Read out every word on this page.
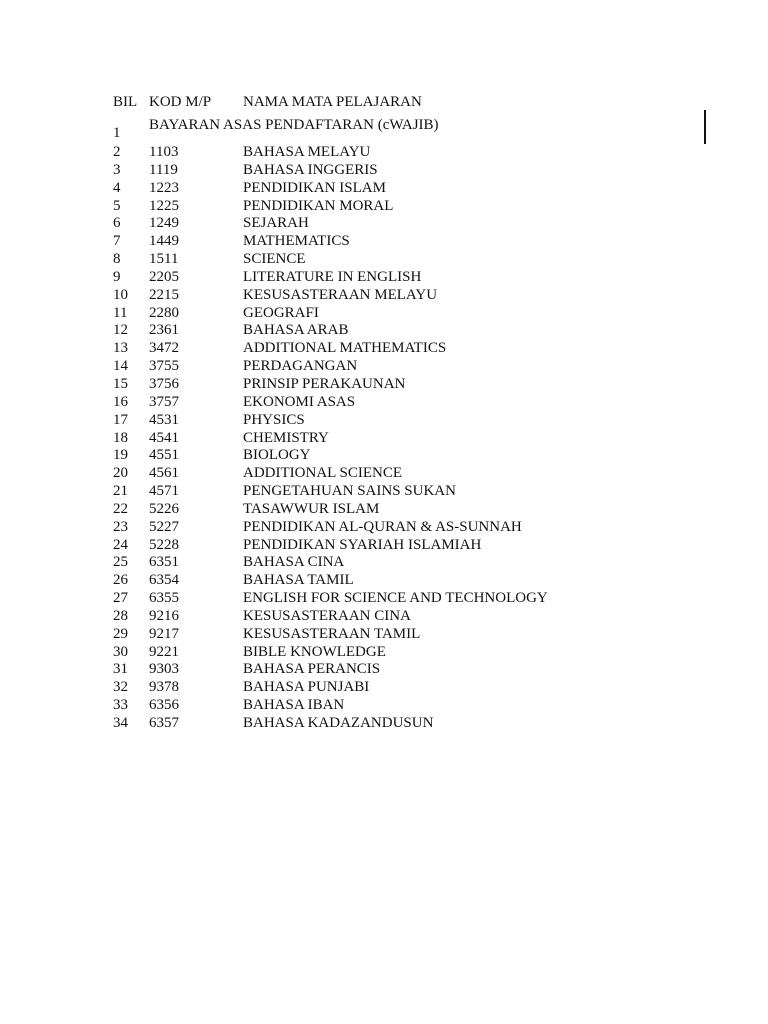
BIL KOD M/P	NAMA MATA PELAJARAN
1	BAYARAN ASAS PENDAFTARAN (cWAJIB)
2	1103	BAHASA MELAYU
3	1119	BAHASA INGGERIS
4	1223	PENDIDIKAN ISLAM
5	1225	PENDIDIKAN MORAL
6	1249	SEJARAH
7	1449	MATHEMATICS
8	1511	SCIENCE
9	2205	LITERATURE IN ENGLISH
10	2215	KESUSASTERAAN MELAYU
11	2280	GEOGRAFI
12	2361	BAHASA ARAB
13	3472	ADDITIONAL MATHEMATICS
14	3755	PERDAGANGAN
15	3756	PRINSIP PERAKAUNAN
16	3757	EKONOMI ASAS
17	4531	PHYSICS
18	4541	CHEMISTRY
19	4551	BIOLOGY
20	4561	ADDITIONAL SCIENCE
21	4571	PENGETAHUAN SAINS SUKAN
22	5226	TASAWWUR ISLAM
23	5227	PENDIDIKAN AL-QURAN & AS-SUNNAH
24	5228	PENDIDIKAN SYARIAH ISLAMIAH
25	6351	BAHASA CINA
26	6354	BAHASA TAMIL
27	6355	ENGLISH FOR SCIENCE AND TECHNOLOGY
28	9216	KESUSASTERAAN CINA
29	9217	KESUSASTERAAN TAMIL
30	9221	BIBLE KNOWLEDGE
31	9303	BAHASA PERANCIS
32	9378	BAHASA PUNJABI
33	6356	BAHASA IBAN
34	6357	BAHASA KADAZANDUSUN
